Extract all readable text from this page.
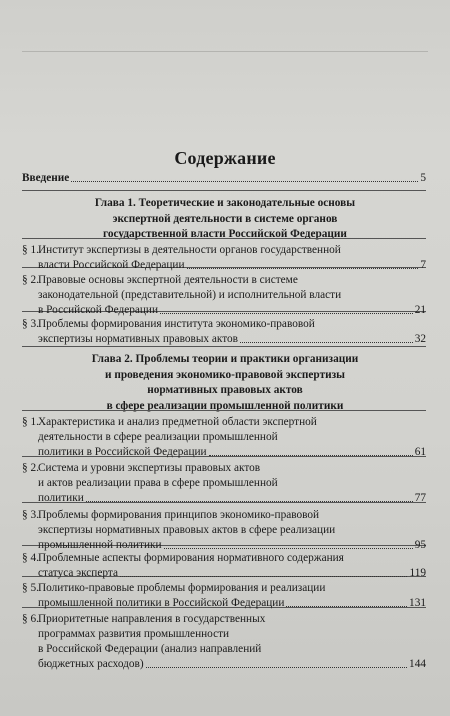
Содержание
Введение	5
Глава 1. Теоретические и законодательные основы
экспертной деятельности в системе органов
государственной власти Российской Федерации
§ 1. Институт экспертизы в деятельности органов государственной
власти Российской Федерации	7
§ 2. Правовые основы экспертной деятельности в системе
законодательной (представительной) и исполнительной власти
в Российской Федерации	21
§ 3. Проблемы формирования института экономико-правовой
экспертизы нормативных правовых актов	32
Глава 2. Проблемы теории и практики организации
и проведения экономико-правовой экспертизы
нормативных правовых актов
в сфере реализации промышленной политики
§ 1. Характеристика и анализ предметной области экспертной
деятельности в сфере реализации промышленной
политики в Российской Федерации	61
§ 2. Система и уровни экспертизы правовых актов
и актов реализации права в сфере промышленной
политики	77
§ 3. Проблемы формирования принципов экономико-правовой
экспертизы нормативных правовых актов в сфере реализации
промышленной политики	95
§ 4. Проблемные аспекты формирования нормативного содержания
статуса эксперта	119
§ 5. Политико-правовые проблемы формирования и реализации
промышленной политики в Российской Федерации	131
§ 6. Приоритетные направления в государственных
программах развития промышленности
в Российской Федерации (анализ направлений
бюджетных расходов)	144
